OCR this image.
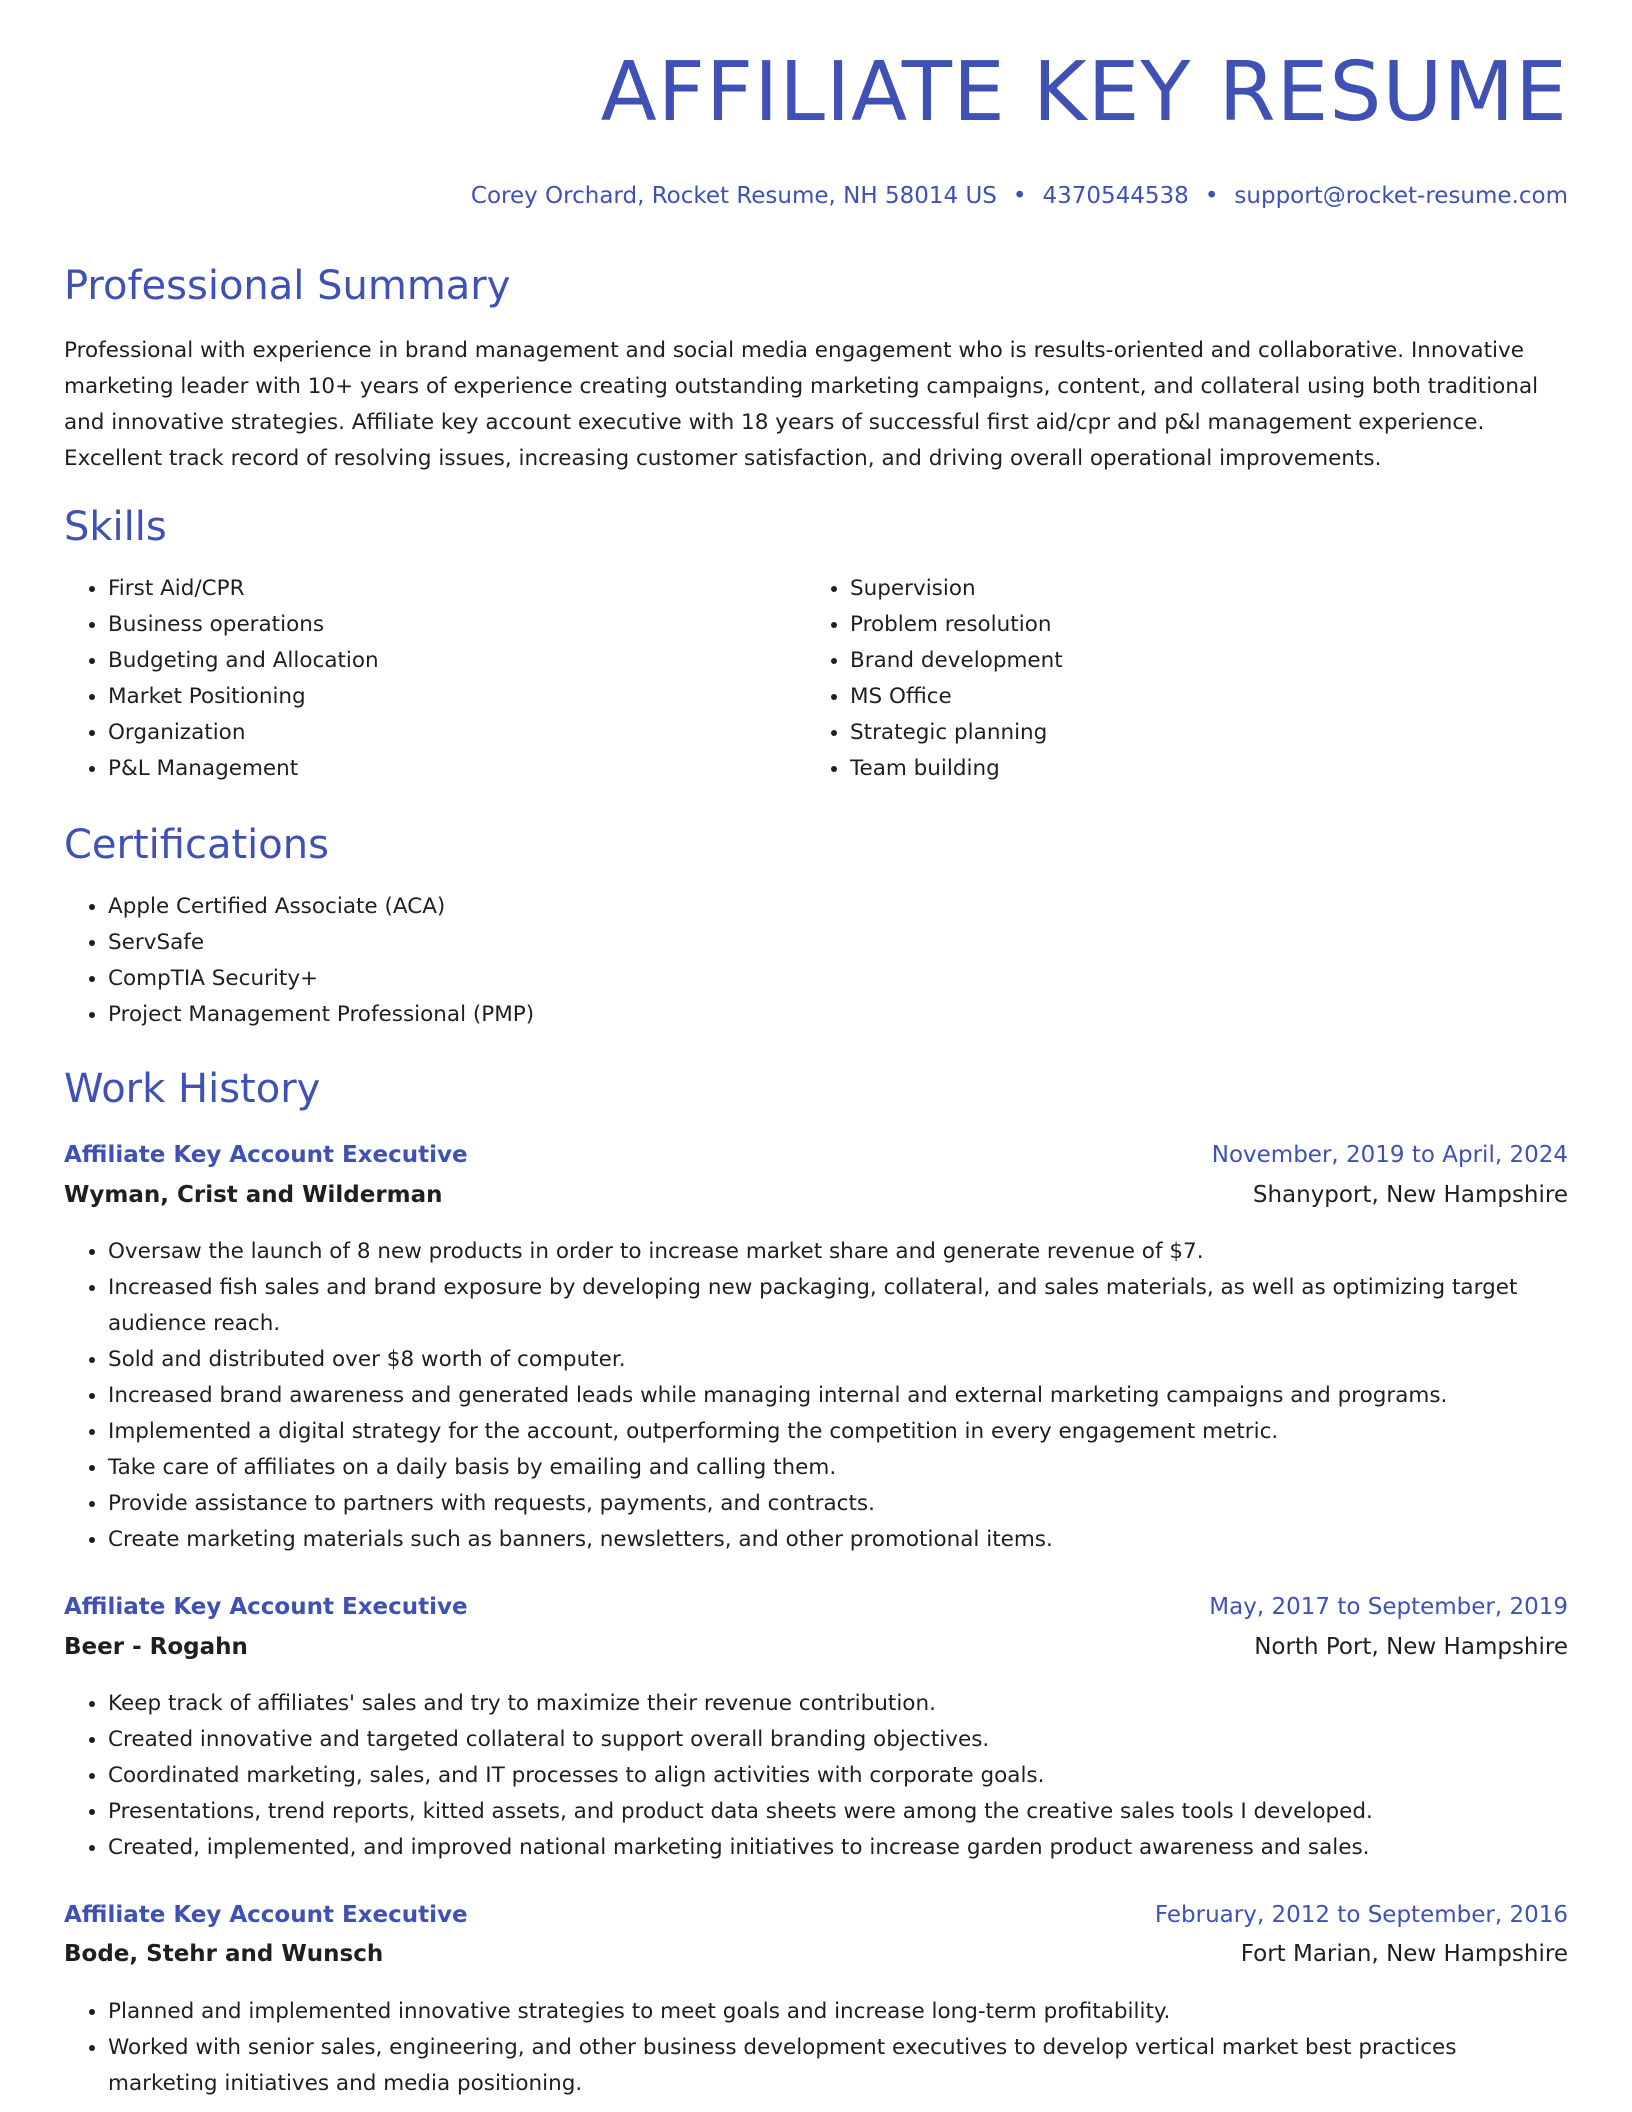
AFFILIATE KEY RESUME
Corey Orchard, Rocket Resume, NH 58014 US • 4370544538 • support@rocket-resume.com
Professional Summary

Professional with experience in brand management and social media engagement who is results-oriented and collaborative. Innovative marketing leader with 10+ years of experience creating outstanding marketing campaigns, content, and collateral using both traditional and innovative strategies. Affiliate key account executive with 18 years of successful first aid/cpr and p&l management experience. Excellent track record of resolving issues, increasing customer satisfaction, and driving overall operational improvements.

Skills
• First Aid/CPR
• Business operations
• Budgeting and Allocation
• Market Positioning
• Organization
• P&L Management
• Supervision
• Problem resolution
• Brand development
• MS Office
• Strategic planning
• Team building
Certifications
• Apple Certified Associate (ACA)
• ServSafe
• CompTIA Security+
• Project Management Professional (PMP)
Work History
Affiliate Key Account Executive	November, 2019 to April, 2024
Wyman, Crist and Wilderman	Shanyport, New Hampshire
• Oversaw the launch of 8 new products in order to increase market share and generate revenue of $7.
• Increased fish sales and brand exposure by developing new packaging, collateral, and sales materials, as well as optimizing target audience reach.
• Sold and distributed over $8 worth of computer.
• Increased brand awareness and generated leads while managing internal and external marketing campaigns and programs.
• Implemented a digital strategy for the account, outperforming the competition in every engagement metric.
• Take care of affiliates on a daily basis by emailing and calling them.
• Provide assistance to partners with requests, payments, and contracts.
• Create marketing materials such as banners, newsletters, and other promotional items.
Affiliate Key Account Executive	May, 2017 to September, 2019
Beer - Rogahn	North Port, New Hampshire
• Keep track of affiliates' sales and try to maximize their revenue contribution.
• Created innovative and targeted collateral to support overall branding objectives.
• Coordinated marketing, sales, and IT processes to align activities with corporate goals.
• Presentations, trend reports, kitted assets, and product data sheets were among the creative sales tools I developed.
• Created, implemented, and improved national marketing initiatives to increase garden product awareness and sales.
Affiliate Key Account Executive	February, 2012 to September, 2016
Bode, Stehr and Wunsch	Fort Marian, New Hampshire
• Planned and implemented innovative strategies to meet goals and increase long-term profitability.
• Worked with senior sales, engineering, and other business development executives to develop vertical market best practices marketing initiatives and media positioning.
